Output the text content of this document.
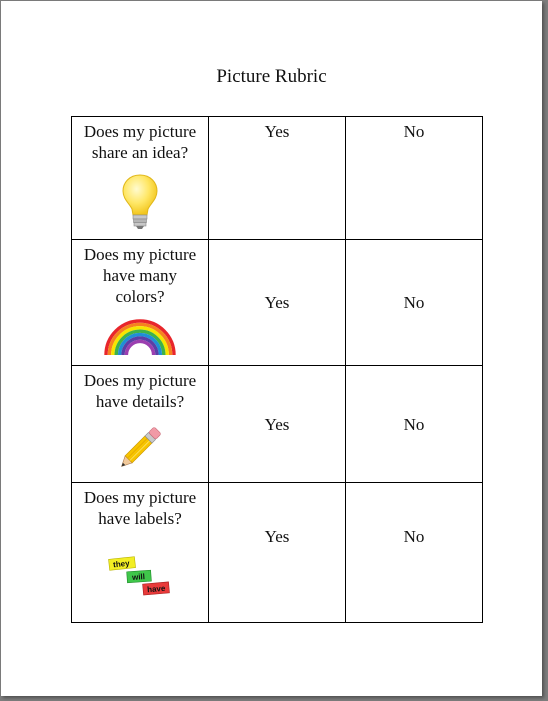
Picture Rubric
Does my picture
share an idea?	Yes	No

Does my picture
have many
colors?	Yes	No

Does my picture
have details?	Yes	No

Does my picture
have labels?
they
will
have	Yes	No
